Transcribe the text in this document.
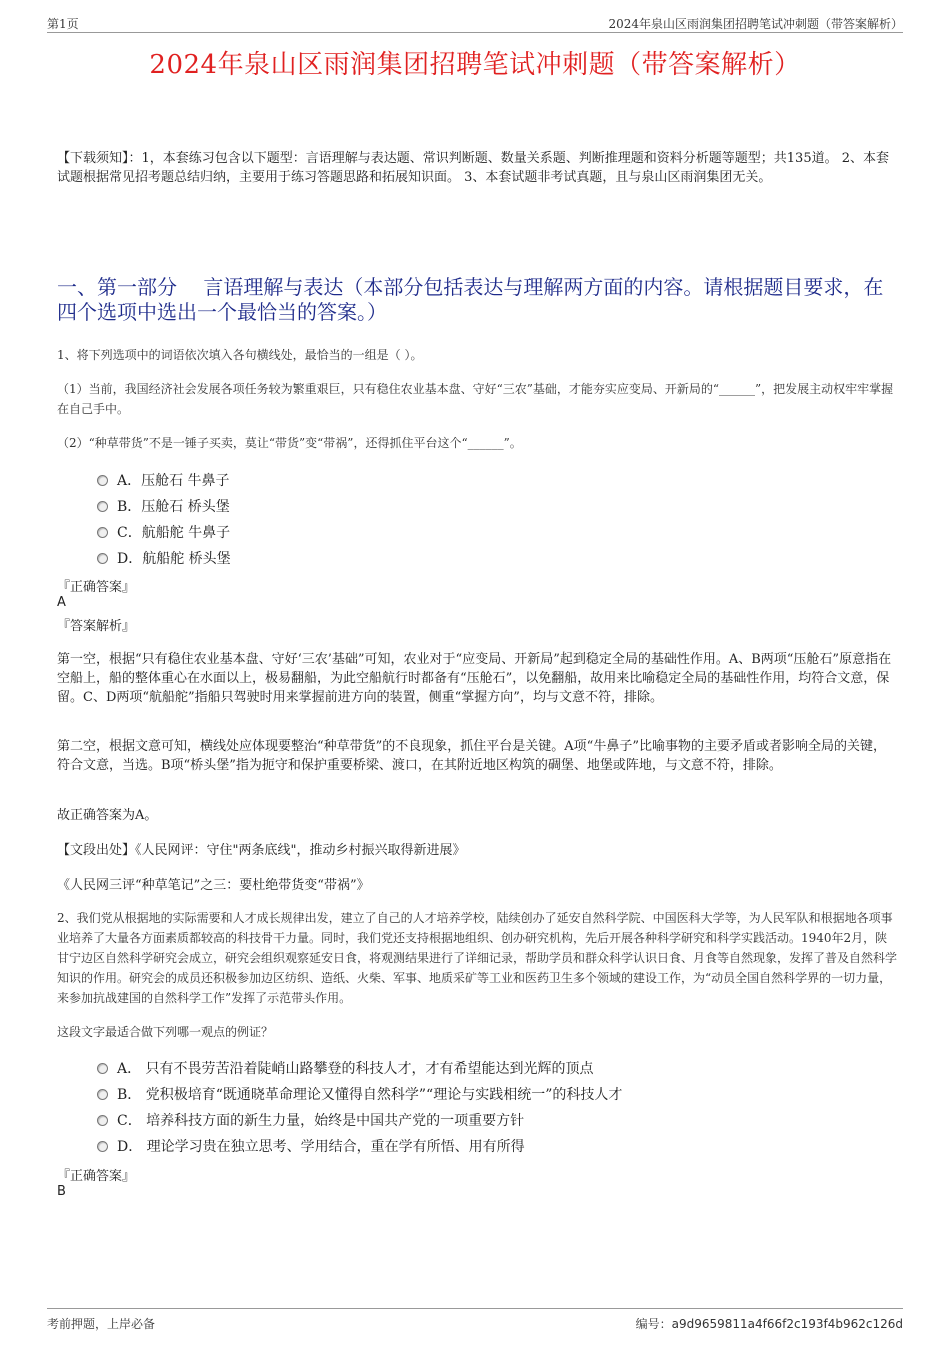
第1页	2024年泉山区雨润集团招聘笔试冲刺题（带答案解析）
2024年泉山区雨润集团招聘笔试冲刺题（带答案解析）
【下载须知】：1，本套练习包含以下题型：言语理解与表达题、常识判断题、数量关系题、判断推理题和资料分析题等题型；共135道。 2、本套试题根据常见招考题总结归纳，主要用于练习答题思路和拓展知识面。 3、本套试题非考试真题，且与泉山区雨润集团无关。
一、第一部分　 言语理解与表达（本部分包括表达与理解两方面的内容。请根据题目要求，在四个选项中选出一个最恰当的答案。）
1、将下列选项中的词语依次填入各句横线处，最恰当的一组是（ ）。
（1）当前，我国经济社会发展各项任务较为繁重艰巨，只有稳住农业基本盘、守好“三农”基础，才能夯实应变局、开新局的“______”，把发展主动权牢牢掌握在自己手中。
（2）“种草带货”不是一锤子买卖，莫让“带货”变“带祸”，还得抓住平台这个“______”。
A．压舱石 牛鼻子
B．压舱石 桥头堡
C．航船舵 牛鼻子
D．航船舵 桥头堡
『正确答案』
A
『答案解析』
第一空，根据“只有稳住农业基本盘、守好‘三农’基础”可知，农业对于“应变局、开新局”起到稳定全局的基础性作用。A、B两项“压舱石”原意指在空船上，船的整体重心在水面以上，极易翻船，为此空船航行时都备有“压舱石”，以免翻船，故用来比喻稳定全局的基础性作用，均符合文意，保留。C、D两项“航船舵”指船只驾驶时用来掌握前进方向的装置，侧重“掌握方向”，均与文意不符，排除。
第二空，根据文意可知，横线处应体现要整治“种草带货”的不良现象，抓住平台是关键。A项“牛鼻子”比喻事物的主要矛盾或者影响全局的关键，符合文意，当选。B项“桥头堡”指为扼守和保护重要桥梁、渡口，在其附近地区构筑的碉堡、地堡或阵地，与文意不符，排除。
故正确答案为A。
【文段出处】《人民网评：守住"两条底线"，推动乡村振兴取得新进展》
《人民网三评“种草笔记”之三：要杜绝带货变“带祸”》
2、我们党从根据地的实际需要和人才成长规律出发，建立了自己的人才培养学校，陆续创办了延安自然科学院、中国医科大学等，为人民军队和根据地各项事业培养了大量各方面素质都较高的科技骨干力量。同时，我们党还支持根据地组织、创办研究机构，先后开展各种科学研究和科学实践活动。1940年2月，陕甘宁边区自然科学研究会成立，研究会组织观察延安日食，将观测结果进行了详细记录，帮助学员和群众科学认识日食、月食等自然现象，发挥了普及自然科学知识的作用。研究会的成员还积极参加边区纺织、造纸、火柴、军事、地质采矿等工业和医药卫生多个领域的建设工作，为“动员全国自然科学界的一切力量，来参加抗战建国的自然科学工作”发挥了示范带头作用。
这段文字最适合做下列哪一观点的例证？
A． 只有不畏劳苦沿着陡峭山路攀登的科技人才，才有希望能达到光辉的顶点
B． 党积极培育“既通晓革命理论又懂得自然科学”“理论与实践相统一”的科技人才
C． 培养科技方面的新生力量，始终是中国共产党的一项重要方针
D． 理论学习贵在独立思考、学用结合，重在学有所悟、用有所得
『正确答案』
B
考前押题，上岸必备	编号：a9d9659811a4f66f2c193f4b962c126d
